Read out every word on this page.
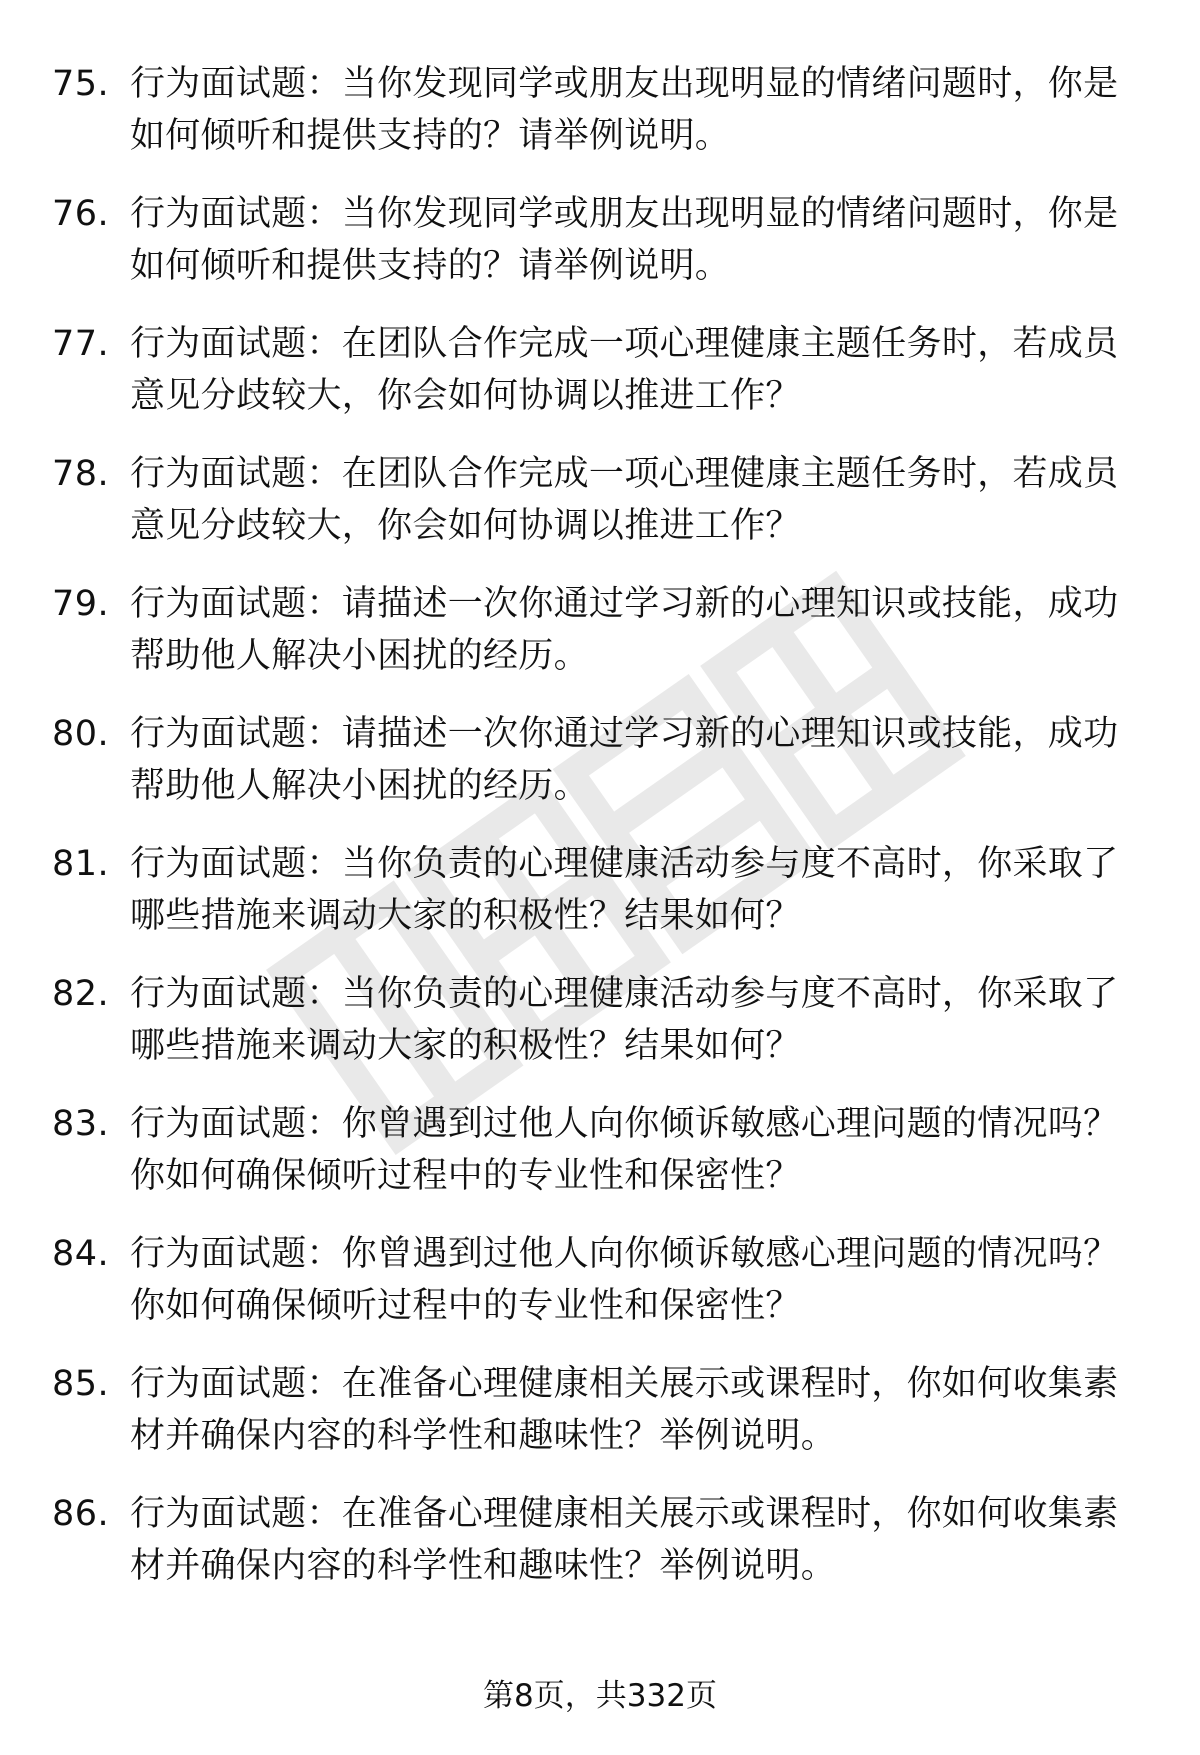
75. 行为面试题：当你发现同学或朋友出现明显的情绪问题时，你是
如何倾听和提供支持的？请举例说明。
76. 行为面试题：当你发现同学或朋友出现明显的情绪问题时，你是
如何倾听和提供支持的？请举例说明。
77. 行为面试题：在团队合作完成一项心理健康主题任务时，若成员
意见分歧较大，你会如何协调以推进工作？
78. 行为面试题：在团队合作完成一项心理健康主题任务时，若成员
意见分歧较大，你会如何协调以推进工作？
79. 行为面试题：请描述一次你通过学习新的心理知识或技能，成功
帮助他人解决小困扰的经历。
80. 行为面试题：请描述一次你通过学习新的心理知识或技能，成功
帮助他人解决小困扰的经历。
81. 行为面试题：当你负责的心理健康活动参与度不高时，你采取了
哪些措施来调动大家的积极性？结果如何？
82. 行为面试题：当你负责的心理健康活动参与度不高时，你采取了
哪些措施来调动大家的积极性？结果如何？
83. 行为面试题：你曾遇到过他人向你倾诉敏感心理问题的情况吗？
你如何确保倾听过程中的专业性和保密性？
84. 行为面试题：你曾遇到过他人向你倾诉敏感心理问题的情况吗？
你如何确保倾听过程中的专业性和保密性？
85. 行为面试题：在准备心理健康相关展示或课程时，你如何收集素
材并确保内容的科学性和趣味性？举例说明。
86. 行为面试题：在准备心理健康相关展示或课程时，你如何收集素
材并确保内容的科学性和趣味性？举例说明。
第8页，共332页
